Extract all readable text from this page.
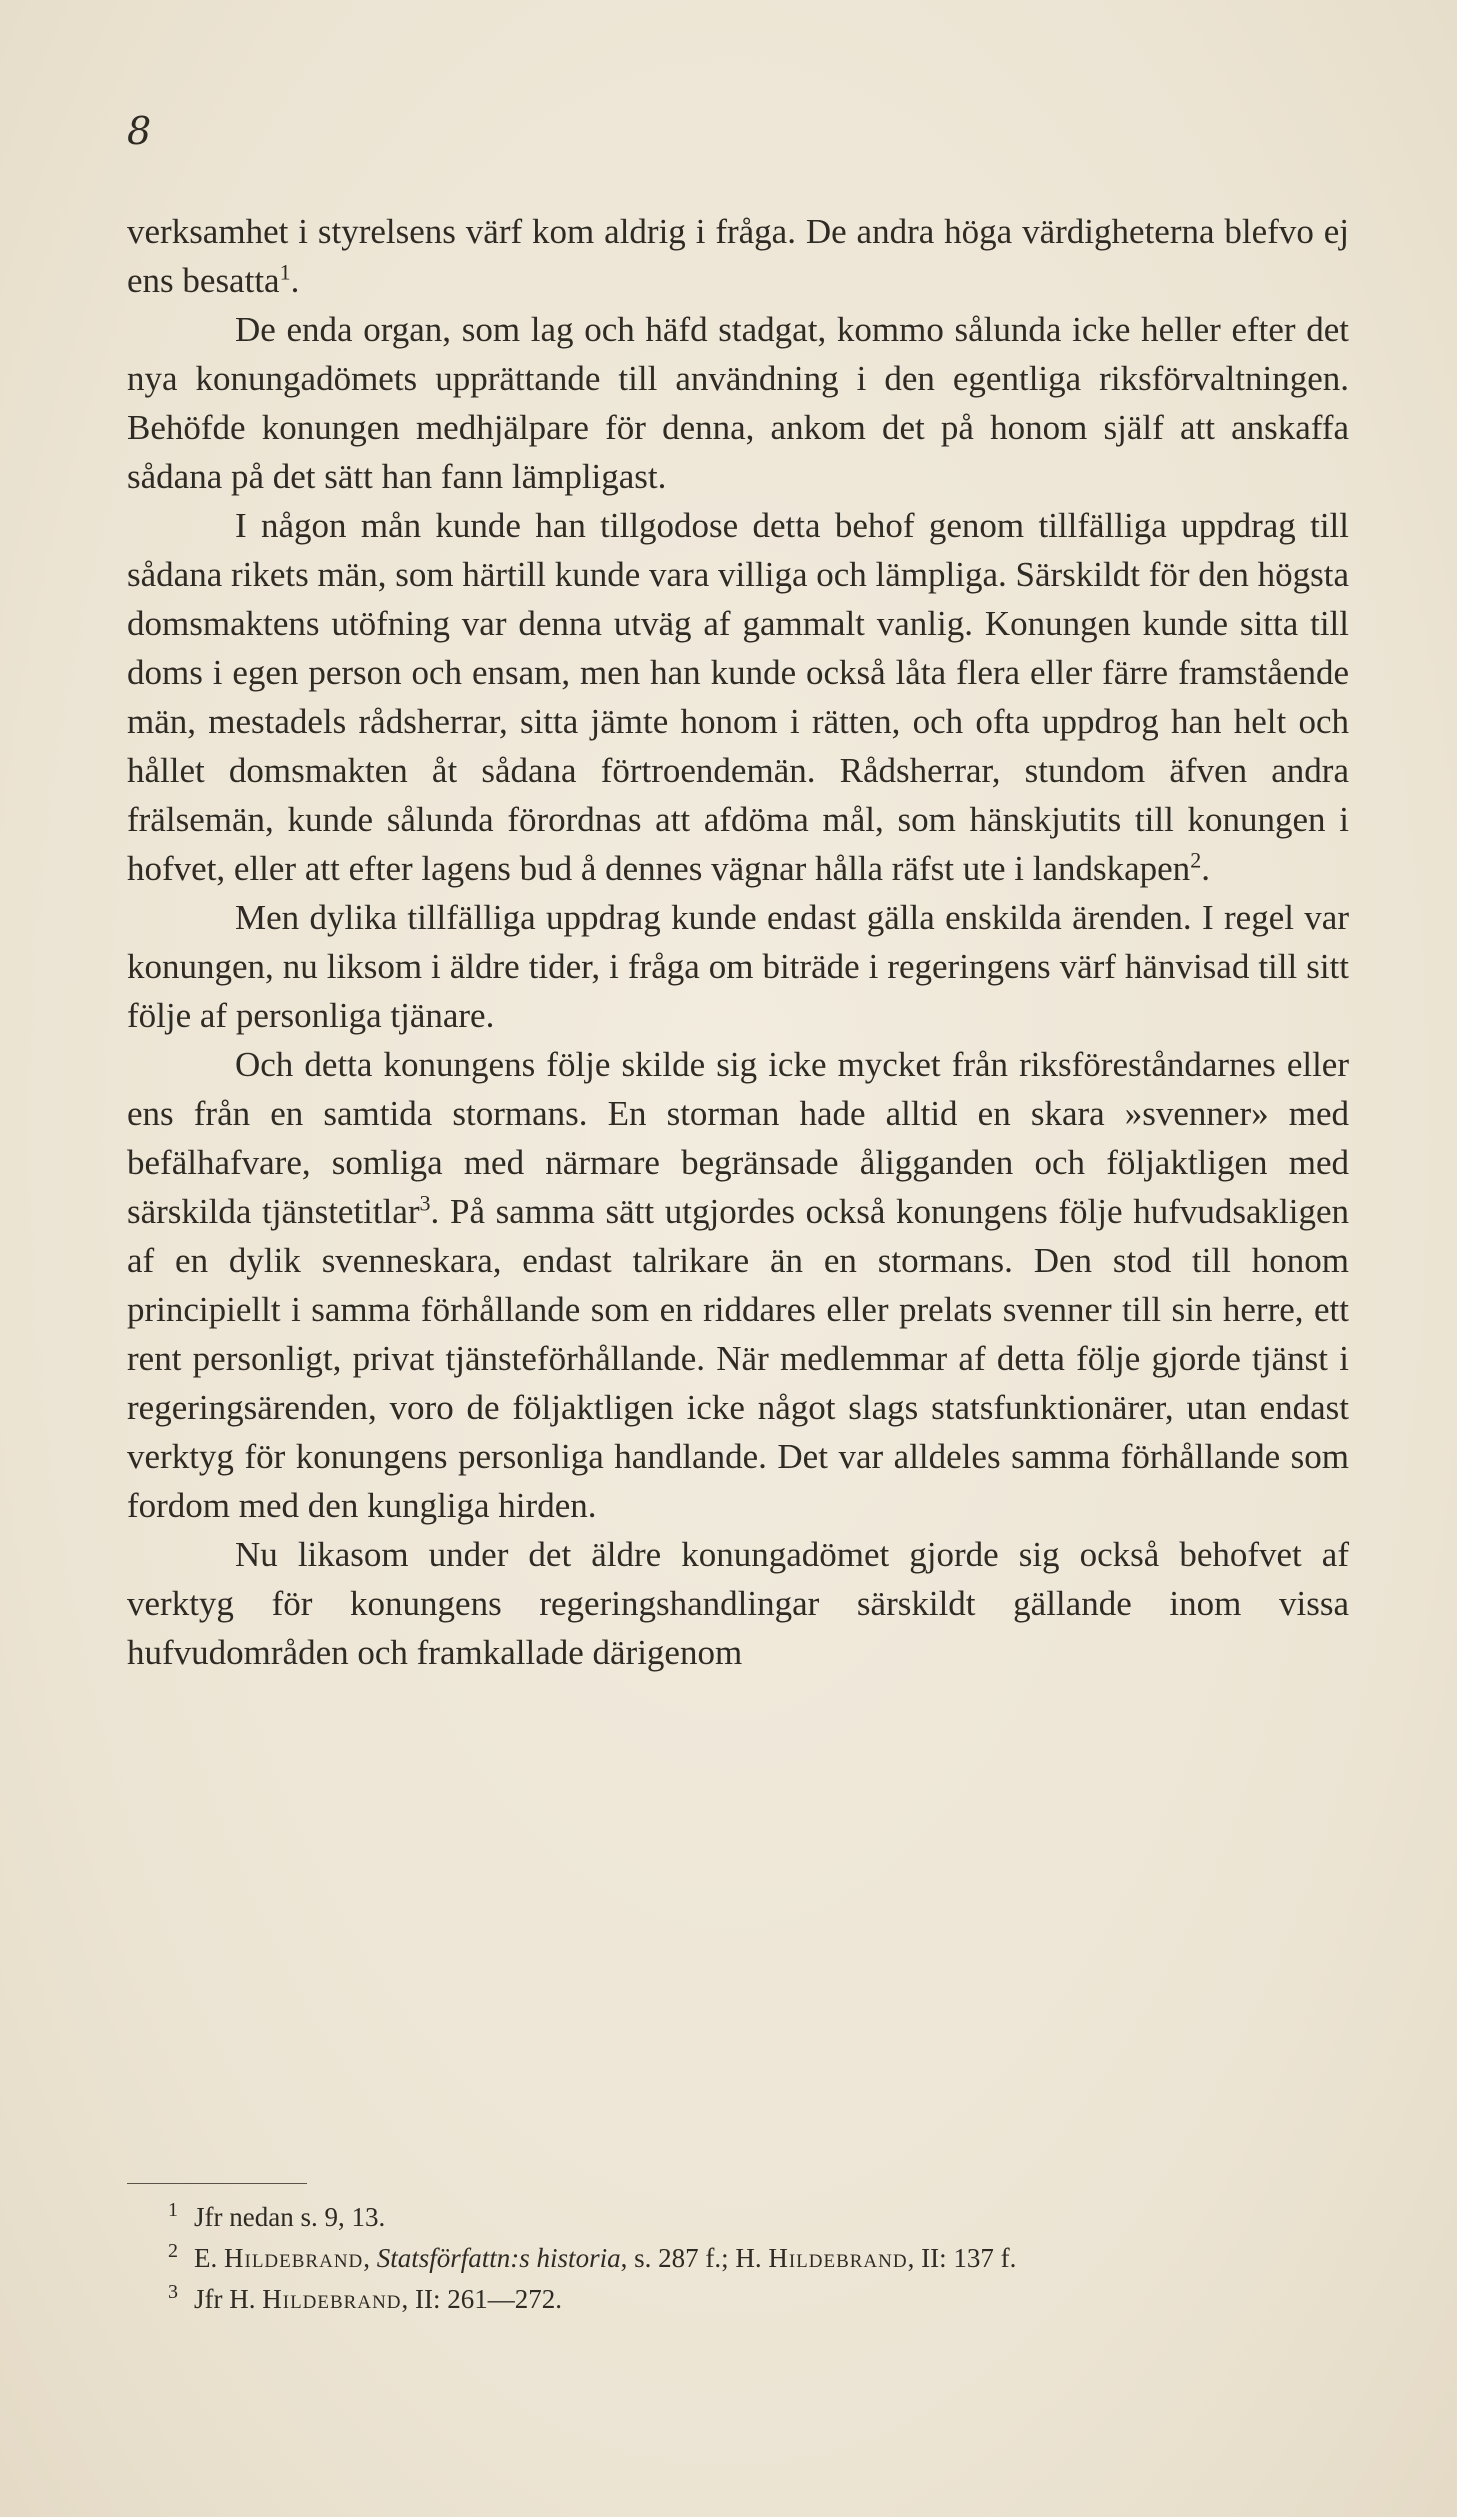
8

verksamhet i styrelsens värf kom aldrig i fråga. De andra höga värdigheterna blefvo ej ens besatta$^1$.

De enda organ, som lag och häfd stadgat, kommo sålunda icke heller efter det nya konungadömets upprättande till användning i den egentliga riksförvaltningen. Behöfde konungen medhjälpare för denna, ankom det på honom själf att anskaffa sådana på det sätt han fann lämpligast.

I någon mån kunde han tillgodose detta behof genom tillfälliga uppdrag till sådana rikets män, som härtill kunde vara villiga och lämpliga. Särskildt för den högsta domsmaktens utöfning var denna utväg af gammalt vanlig. Konungen kunde sitta till doms i egen person och ensam, men han kunde också låta flera eller färre framstående män, mestadels rådsherrar, sitta jämte honom i rätten, och ofta uppdrog han helt och hållet domsmakten åt sådana förtroendemän. Rådsherrar, stundom äfven andra frälsemän, kunde sålunda förordnas att afdöma mål, som hänskjutits till konungen i hofvet, eller att efter lagens bud å dennes vägnar hålla räfst ute i landskapen$^2$.

Men dylika tillfälliga uppdrag kunde endast gälla enskilda ärenden. I regel var konungen, nu liksom i äldre tider, i fråga om biträde i regeringens värf hänvisad till sitt följe af personliga tjänare.

Och detta konungens följe skilde sig icke mycket från riksföreståndarnes eller ens från en samtida stormans. En storman hade alltid en skara »svenner» med befälhafvare, somliga med närmare begränsade åligganden och följaktligen med särskilda tjänstetitlar$^3$. På samma sätt utgjordes också konungens följe hufvudsakligen af en dylik svenneskara, endast talrikare än en stormans. Den stod till honom principiellt i samma förhållande som en riddares eller prelats svenner till sin herre, ett rent personligt, privat tjänsteförhållande. När medlemmar af detta följe gjorde tjänst i regeringsärenden, voro de följaktligen icke något slags statsfunktionärer, utan endast verktyg för konungens personliga handlande. Det var alldeles samma förhållande som fordom med den kungliga hirden.

Nu likasom under det äldre konungadömet gjorde sig också behofvet af verktyg för konungens regeringshandlingar särskildt gällande inom vissa hufvudområden och framkallade därigenom

1 Jfr nedan s. 9, 13.
2 E. Hildebrand, Statsförfattn:s historia, s. 287 f.; H. Hildebrand, II: 137 f.
3 Jfr H. Hildebrand, II: 261—272.
